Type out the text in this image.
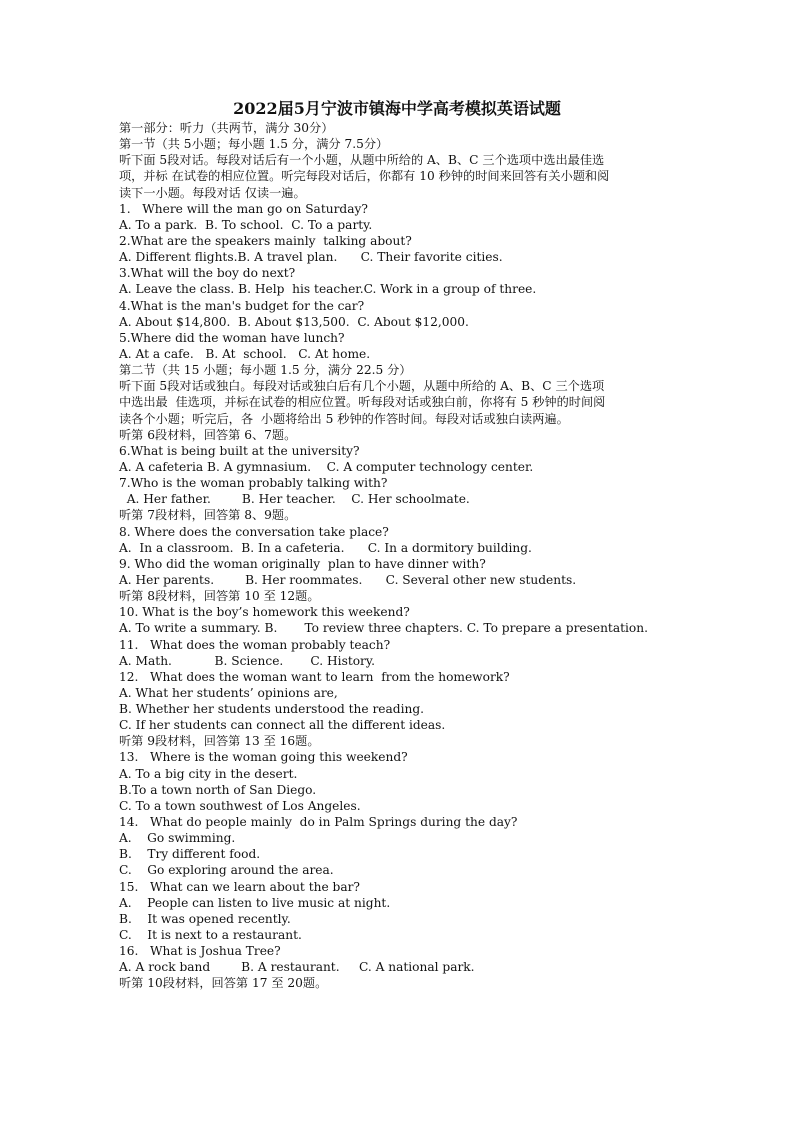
2022届5月宁波市镇海中学高考模拟英语试题
第一部分：听力（共两节，满分 30分）
第一节（共 5小题；每小题 1.5 分，满分 7.5分）
听下面 5段对话。每段对话后有一个小题，从题中所给的 A、B、C 三个选项中选出最佳选
项，并标 在试卷的相应位置。听完每段对话后，你都有 10 秒钟的时间来回答有关小题和阅
读下一小题。每段对话 仅读一遍。
1.   Where will the man go on Saturday?
A. To a park.  B. To school.  C. To a party.
2.What are the speakers mainly  talking about?
A. Different flights.B. A travel plan.      C. Their favorite cities.
3.What will the boy do next?
A. Leave the class. B. Help  his teacher.C. Work in a group of three.
4.What is the man's budget for the car?
A. About $14,800.  B. About $13,500.  C. About $12,000.
5.Where did the woman have lunch?
A. At a cafe.   B. At  school.   C. At home.
第二节（共 15 小题；每小题 1.5 分，满分 22.5 分）
听下面 5段对话或独白。每段对话或独白后有几个小题，从题中所给的 A、B、C 三个选项
中选出最  佳选项，并标在试卷的相应位置。听每段对话或独白前，你将有 5 秒钟的时间阅
读各个小题；听完后，各  小题将给出 5 秒钟的作答时间。每段对话或独白读两遍。
听第 6段材料，回答第 6、7题。
6.What is being built at the university?
A. A cafeteria B. A gymnasium.    C. A computer technology center.
7.Who is the woman probably talking with?
A. Her father.        B. Her teacher.    C. Her schoolmate.
听第 7段材料，回答第 8、9题。
8. Where does the conversation take place?
A.  In a classroom.  B. In a cafeteria.      C. In a dormitory building.
9. Who did the woman originally  plan to have dinner with?
A. Her parents.        B. Her roommates.      C. Several other new students.
听第 8段材料，回答第 10 至 12题。
10. What is the boy’s homework this weekend?
A. To write a summary. B.       To review three chapters. C. To prepare a presentation.
11.   What does the woman probably teach?
A. Math.           B. Science.       C. History.
12.   What does the woman want to learn  from the homework?
A. What her students’ opinions are,
B. Whether her students understood the reading.
C. If her students can connect all the different ideas.
听第 9段材料，回答第 13 至 16题。
13.   Where is the woman going this weekend?
A. To a big city in the desert.
B.To a town north of San Diego.
C. To a town southwest of Los Angeles.
14.   What do people mainly  do in Palm Springs during the day?
A.    Go swimming.
B.    Try different food.
C.    Go exploring around the area.
15.   What can we learn about the bar?
A.    People can listen to live music at night.
B.    It was opened recently.
C.    It is next to a restaurant.
16.   What is Joshua Tree?
A. A rock band        B. A restaurant.     C. A national park.
听第 10段材料，回答第 17 至 20题。
